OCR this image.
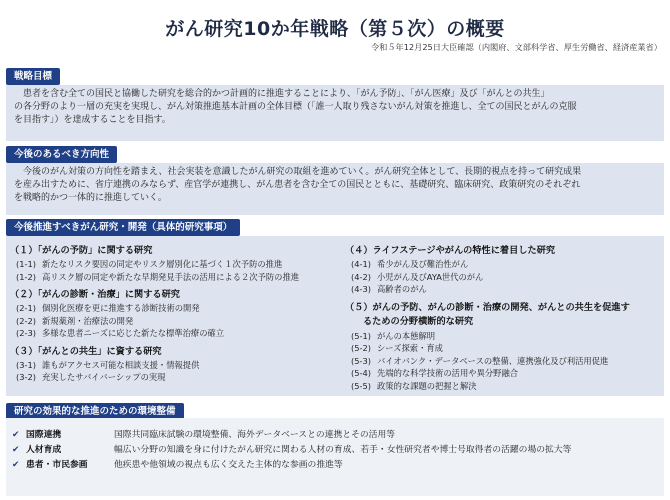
がん研究10か年戦略（第５次）の概要
令和５年12月25日大臣確認（内閣府、文部科学省、厚生労働省、経済産業省）
戦略目標

患者を含む全ての国民と協働した研究を総合的かつ計画的に推進することにより、「がん予防」、「がん医療」及び「がんとの共生」

の各分野のより一層の充実を実現し、がん対策推進基本計画の全体目標（「誰一人取り残さないがん対策を推進し、全ての国民とがんの克服

を目指す」）を達成することを目指す。

今後のあるべき方向性

今後のがん対策の方向性を踏まえ、社会実装を意識したがん研究の取組を進めていく。がん研究全体として、長期的視点を持って研究成果

を産み出すために、省庁連携のみならず、産官学が連携し、がん患者を含む全ての国民とともに、基礎研究、臨床研究、政策研究のそれぞれ

を戦略的かつ一体的に推進していく。

今後推進すべきがん研究・開発（具体的研究事項）
（１）「がんの予防」に関する研究
(1-1) 新たなリスク要因の同定やリスク層別化に基づく１次予防の推進
(1-2) 高リスク層の同定や新たな早期発見手法の活用による２次予防の推進
（２）「がんの診断・治療」に関する研究
(2-1) 個別化医療を更に推進する診断技術の開発
(2-2) 新規薬剤・治療法の開発
(2-3) 多様な患者ニーズに応じた新たな標準治療の確立
（３）「がんとの共生」に資する研究
(3-1) 誰もがアクセス可能な相談支援・情報提供
(3-2) 充実したサバイバーシップの実現
（４）ライフステージやがんの特性に着目した研究
(4-1) 希少がん及び難治性がん
(4-2) 小児がん及びAYA世代のがん
(4-3) 高齢者のがん
（５）がんの予防、がんの診断・治療の開発、がんとの共生を促進す
るための分野横断的な研究
(5-1) がんの本態解明
(5-2) シーズ探索・育成
(5-3) バイオバンク・データベースの整備、連携強化及び利活用促進
(5-4) 先端的な科学技術の活用や異分野融合
(5-5) 政策的な課題の把握と解決
研究の効果的な推進のための環境整備
✔ 国際連携	国際共同臨床試験の環境整備、海外データベースとの連携とその活用等
✔ 人材育成	幅広い分野の知識を身に付けたがん研究に関わる人材の育成、若手・女性研究者や博士号取得者の活躍の場の拡大等
✔ 患者・市民参画	他疾患や他領域の視点も広く交えた主体的な参画の推進等
